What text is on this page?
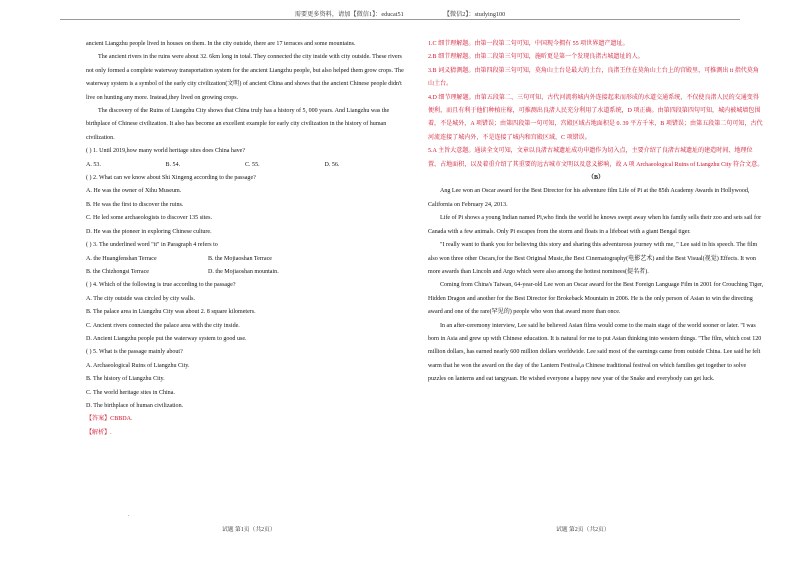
需要更多资料，请加【微信1】：educat51	【微信2】：studying100

ancient Liangzhu people lived in houses on them. In the city outside, there are 17 terraces and some mountains.

The ancient rivers in the ruins were about 32. 6km long in total. They connected the city inside with city outside. These rivers not only formed a complete waterway transportation system for the ancient Liangzhu people, but also helped them grow crops. The waterway system is a symbol of the early city civilization(文明) of ancient China and shows that the ancient Chinese people didn't live on hunting any more. Instead,they lived on growing crops.

The discovery of the Ruins of Liangzhu City shows that China truly has a history of 5, 000 years. And Liangzhu was the birthplace of Chinese civilization. It also has become an excellent example for early city civilization in the history of human civilization.

( ) 1. Until 2019,how many world heritage sites does China have?

A. 53.	B. 54.	C. 55.	D. 56.

( ) 2. What can we know about Shi Xingeng according to the passage?

A. He was the owner of Xihu Museum.

B. He was the first to discover the ruins.

C. He led some archaeologists to discover 135 sites.

D. He was the pioneer in exploring Chinese culture.

( ) 3. The underlined word "it" in Paragraph 4 refers to

A. the Huangfenshan Terrace	B. the Mojiaoshan Terrace

B. the Chizhongsi Terrace	D. the Mojiaoshan mountain.

( ) 4. Which of the following is true according to the passage?

A. The city outside was circled by city walls.

B. The palace area in Liangzhu City was about 2. 8 square kilometers.

C. Ancient rivers connected the palace area with the city inside.

D. Ancient Liangzhu people put the waterway system to good use.

( ) 5. What is the passage mainly about?

A. Archaeological Ruins of Liangzhu City.

B. The history of Liangzhu City.

C. The world heritage sites in China.

D. The birthplace of human civilization.

【答案】CBBDA.

【解析】.

.
试题 第1页（共2页）

1.C 细节理解题。由第一段第二句可知，中国现今拥有 55 项世界遗产遗址。

2.B 细节理解题。由第二段第三句可知，施昕更是第一个发现良渚古城遗址的人。

3.B 词义猜测题。由第四段第三句可知，莫角山土台是最大的土台，良渚王住在莫角山土台上的宫殿里，可推测出 it 指代莫角山土台。

4.D 细节理解题。由第五段第二、三句可知，古代河流将城内外连接起来而形成的水道交通系统，不仅使良渚人民的交通变得便利，而且有利于他们种植庄稼，可推测出良渚人民充分利用了水道系统，D 项正确。由第四段第四句可知，城内被城墙包围着，不是城外，A 项错误；由第四段第一句可知，宫殿区域占地面积是 0. 39 平方千米，B 项错误；由第五段第二句可知，古代河流连接了城内外，不是连接了城内和宫殿区域，C 项错误。

5.A 主旨大意题。通读全文可知，文章以良渚古城遗址成功申遗作为切入点，主要介绍了良渚古城遗址的建造时间、地理位置、占地面积，以及着重介绍了其重要的远古城市文明以及意义影响，故 A 项 Archaeological Ruins of Liangzhu City 符合文意。

（B）

Ang Lee won an Oscar award for the Best Director for his adventure film Life of Pi at the 85th Academy Awards in Hollywood, California on February 24, 2013.

Life of Pi shows a young Indian named Pi,who finds the world he knows swept away when his family sells their zoo and sets sail for Canada with a few animals. Only Pi escapes from the storm and floats in a lifeboat with a giant Bengal tiger.

"I really want to thank you for believing this story and sharing this adventurous journey with me, " Lee said in his speech. The film also won three other Oscars,for the Best Original Music,the Best Cinematography(电影艺术) and the Best Visual(视觉) Effects. It won more awards than Lincoln and Argo which were also among the hottest nominees(提名者).

Coming from China's Taiwan, 64-year-old Lee won an Oscar award for the Best Foreign Language Film in 2001 for Crouching Tiger, Hidden Dragon and another for the Best Director for Brokeback Mountain in 2006. He is the only person of Asian to win the directing award and one of the rare(罕见的) people who won that award more than once.

In an after-ceremony interview, Lee said he believed Asian films would come to the main stage of the world sooner or later. "I was born in Asia and grew up with Chinese education. It is natural for me to put Asian thinking into western things. "The film, which cost 120 million dollars, has earned nearly 600 million dollars worldwide. Lee said most of the earnings came from outside China. Lee said he felt warm that he won the award on the day of the Lantern Festival,a Chinese traditional festival on which families get together to solve puzzles on lanterns and eat tangyuan. He wished everyone a happy new year of the Snake and everybody can get luck.

试题 第2页（共2页）
